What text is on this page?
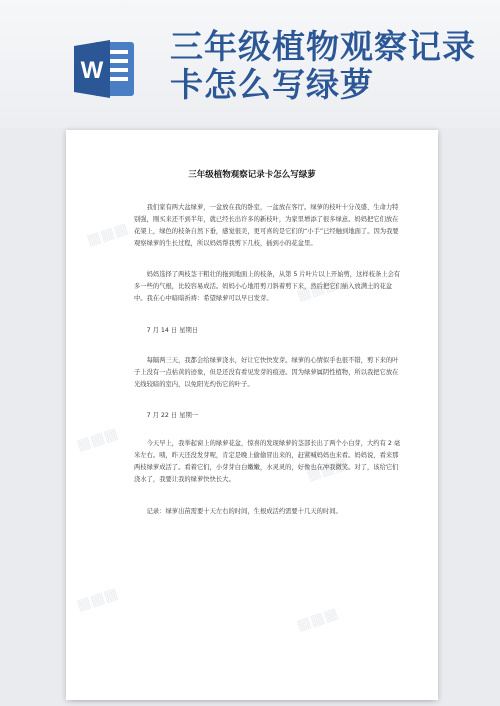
W
三年级植物观察记录卡怎么写绿萝
▦▦▦
▦▦▦
▦▦▦
▦▦▦
▦▦▦
▦▦▦
三年级植物观察记录卡怎么写绿萝

我们家有两大盆绿萝，一盆放在我的卧室，一盆放在客厅。绿萝的枝叶十分茂盛、生命力特别强，刚买来还不到半年，就已经长出许多的新枝叶，为家里增添了很多绿意。妈妈把它们放在花架上，绿色的枝条自然下垂，感觉很美，更可喜的是它们的“小手”已经触到地面了。因为我要观察绿萝的生长过程，所以妈妈帮我剪下几枝，插到小的花盆里。

妈妈选择了两枝茎干粗壮的拖到地面上的枝条，从第 5 片叶片以上开始剪，这样枝条上会有多一些的气根，比较容易成活。妈妈小心地用剪刀斜着剪下来，然后把它们插入放满土的花盆中。我在心中暗暗祈祷：希望绿萝可以早日发芽。

7 月 14 日 星期日

每隔两三天，我都会给绿萝浇水，好让它快快发芽。绿萝的心情似乎也很不错，剪下来的叶子上没有一点枯黄的迹象，但是还没有看见发芽的痕迹。因为绿萝属阴性植物，所以我把它放在光线较暗的室内，以免阳光灼伤它的叶子。

7 月 22 日 星期一

今天早上，我举起窗上的绿萝花盆，惊喜的发现绿萝的茎部长出了两个小白芽，大约有 2 毫米左右。咦，昨天还没发芽呢，肯定是晚上偷偷冒出来的，赶紧喊妈妈也来看。妈妈说，看来那两枝绿萝成活了。看着它们，小芽芽白白嫩嫩，水灵灵的，好像也在冲我微笑。对了，该给它们浇水了，我要让我的绿萝快快长大。

记录：绿萝出苗需要十天左右的时间，生根成活约需要十几天的时间。
